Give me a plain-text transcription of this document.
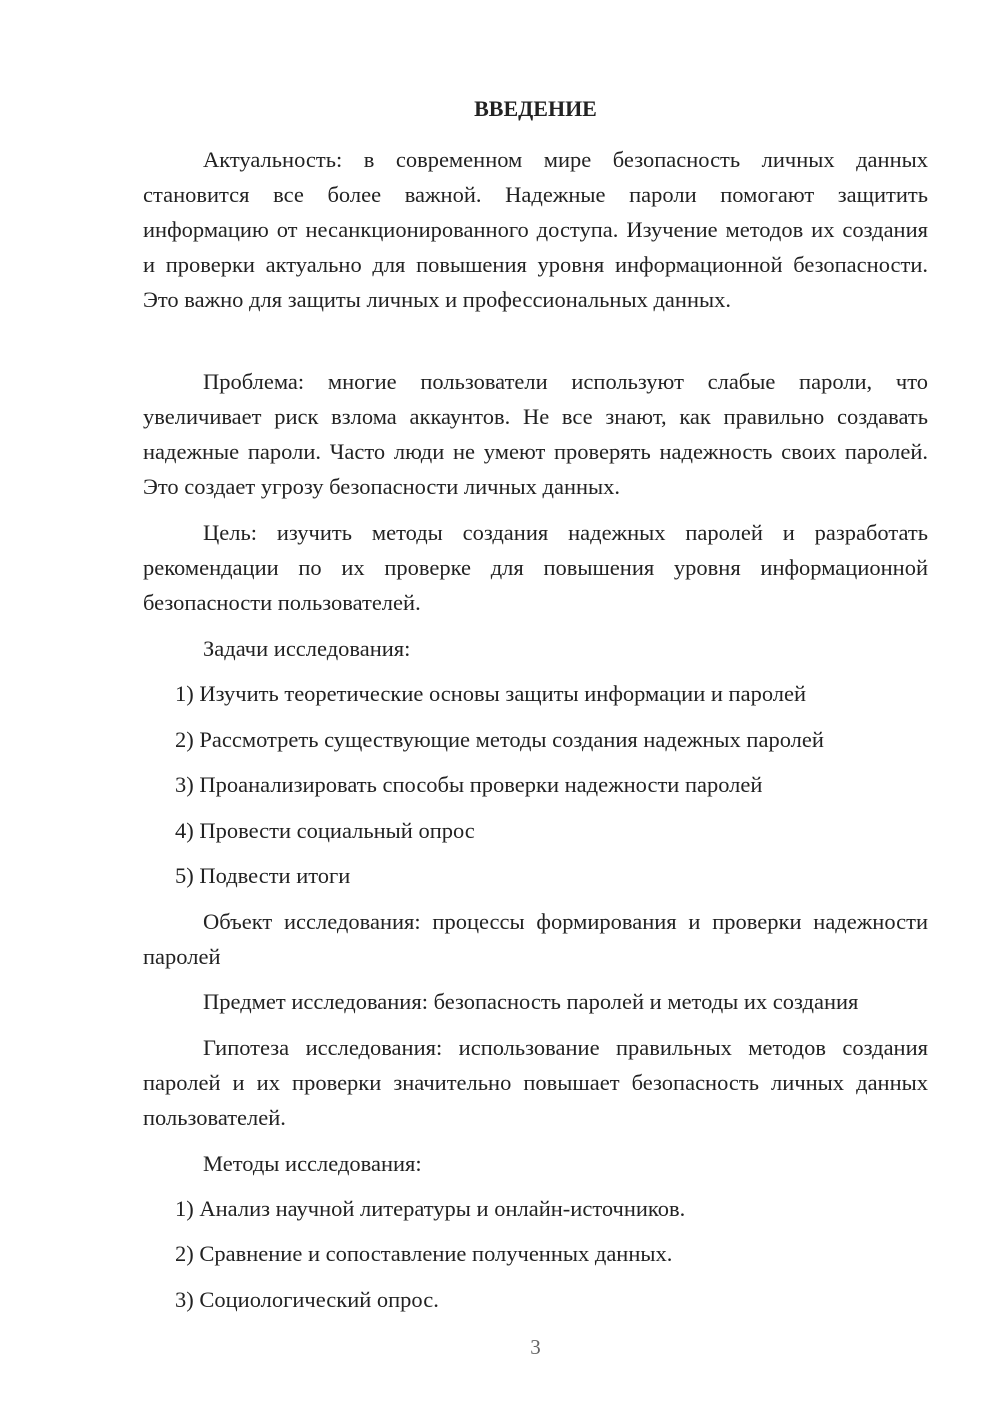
ВВЕДЕНИЕ

Актуальность: в современном мире безопасность личных данных становится все более важной. Надежные пароли помогают защитить информацию от несанкционированного доступа. Изучение методов их создания и проверки актуально для повышения уровня информационной безопасности. Это важно для защиты личных и профессиональных данных.

Проблема: многие пользователи используют слабые пароли, что увеличивает риск взлома аккаунтов. Не все знают, как правильно создавать надежные пароли. Часто люди не умеют проверять надежность своих паролей. Это создает угрозу безопасности личных данных.

Цель: изучить методы создания надежных паролей и разработать рекомендации по их проверке для повышения уровня информационной безопасности пользователей.

Задачи исследования:

1) Изучить теоретические основы защиты информации и паролей

2) Рассмотреть существующие методы создания надежных паролей

3) Проанализировать способы проверки надежности паролей

4) Провести социальный опрос

5) Подвести итоги

Объект исследования: процессы формирования и проверки надежности паролей

Предмет исследования: безопасность паролей и методы их создания

Гипотеза исследования: использование правильных методов создания паролей и их проверки значительно повышает безопасность личных данных пользователей.

Методы исследования:

1) Анализ научной литературы и онлайн-источников.

2) Сравнение и сопоставление полученных данных.

3) Социологический опрос.

3
